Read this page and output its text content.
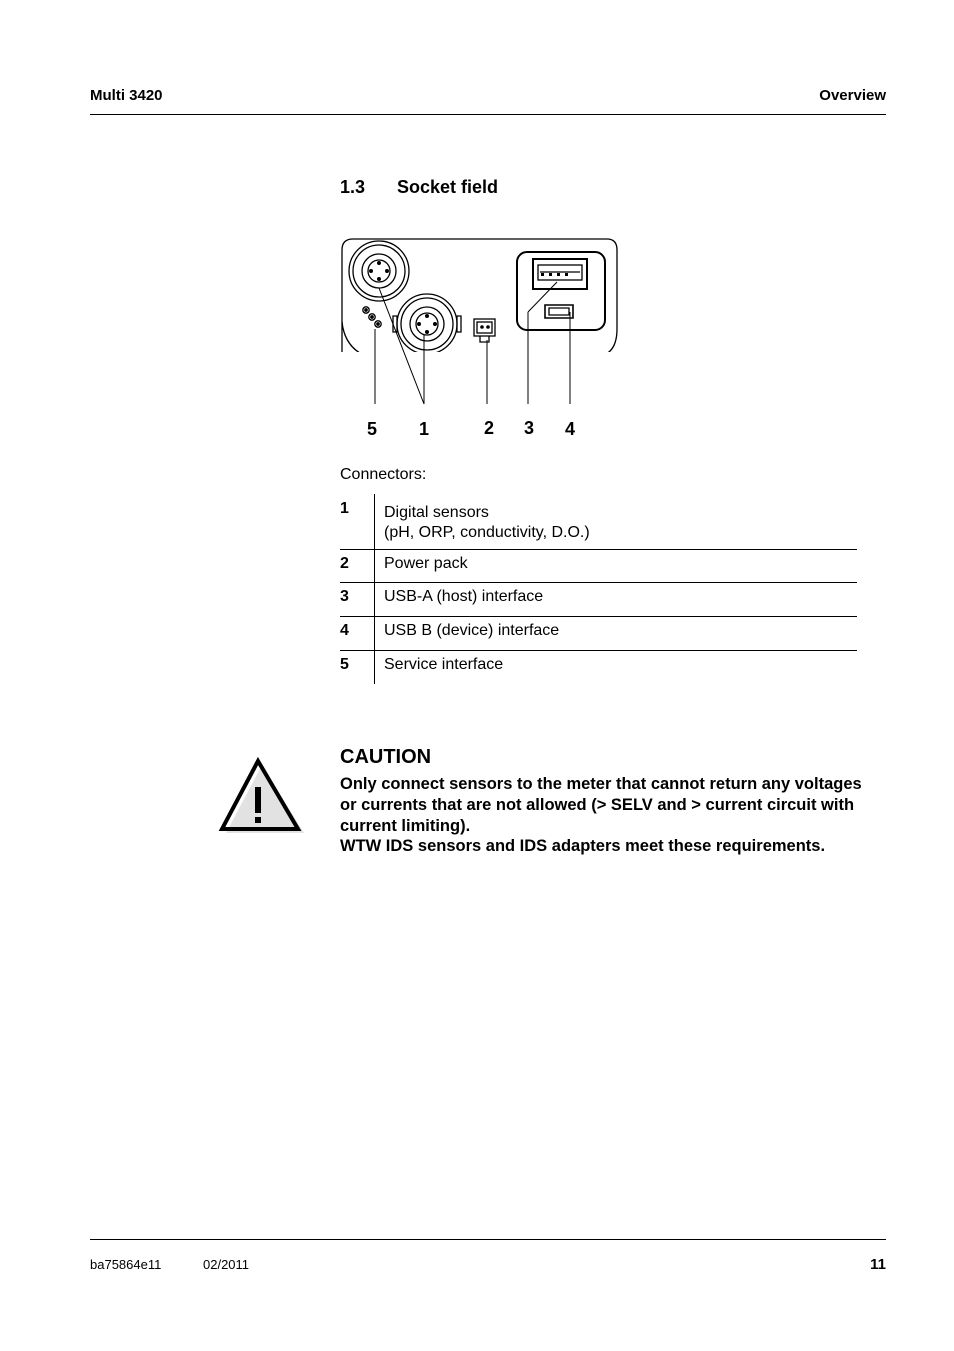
Multi 3420	Overview
1.3 Socket field
5 1	2 3 4
Connectors:
1	Digital sensors
(pH, ORP, conductivity, D.O.)

2	Power pack
3	USB-A (host) interface
4	USB B (device) interface
5	Service interface
CAUTION
Only connect sensors to the meter that cannot return any voltages
or currents that are not allowed (> SELV and > current circuit with
current limiting).
WTW IDS sensors and IDS adapters meet these requirements.
ba75864e11	02/2011	11
